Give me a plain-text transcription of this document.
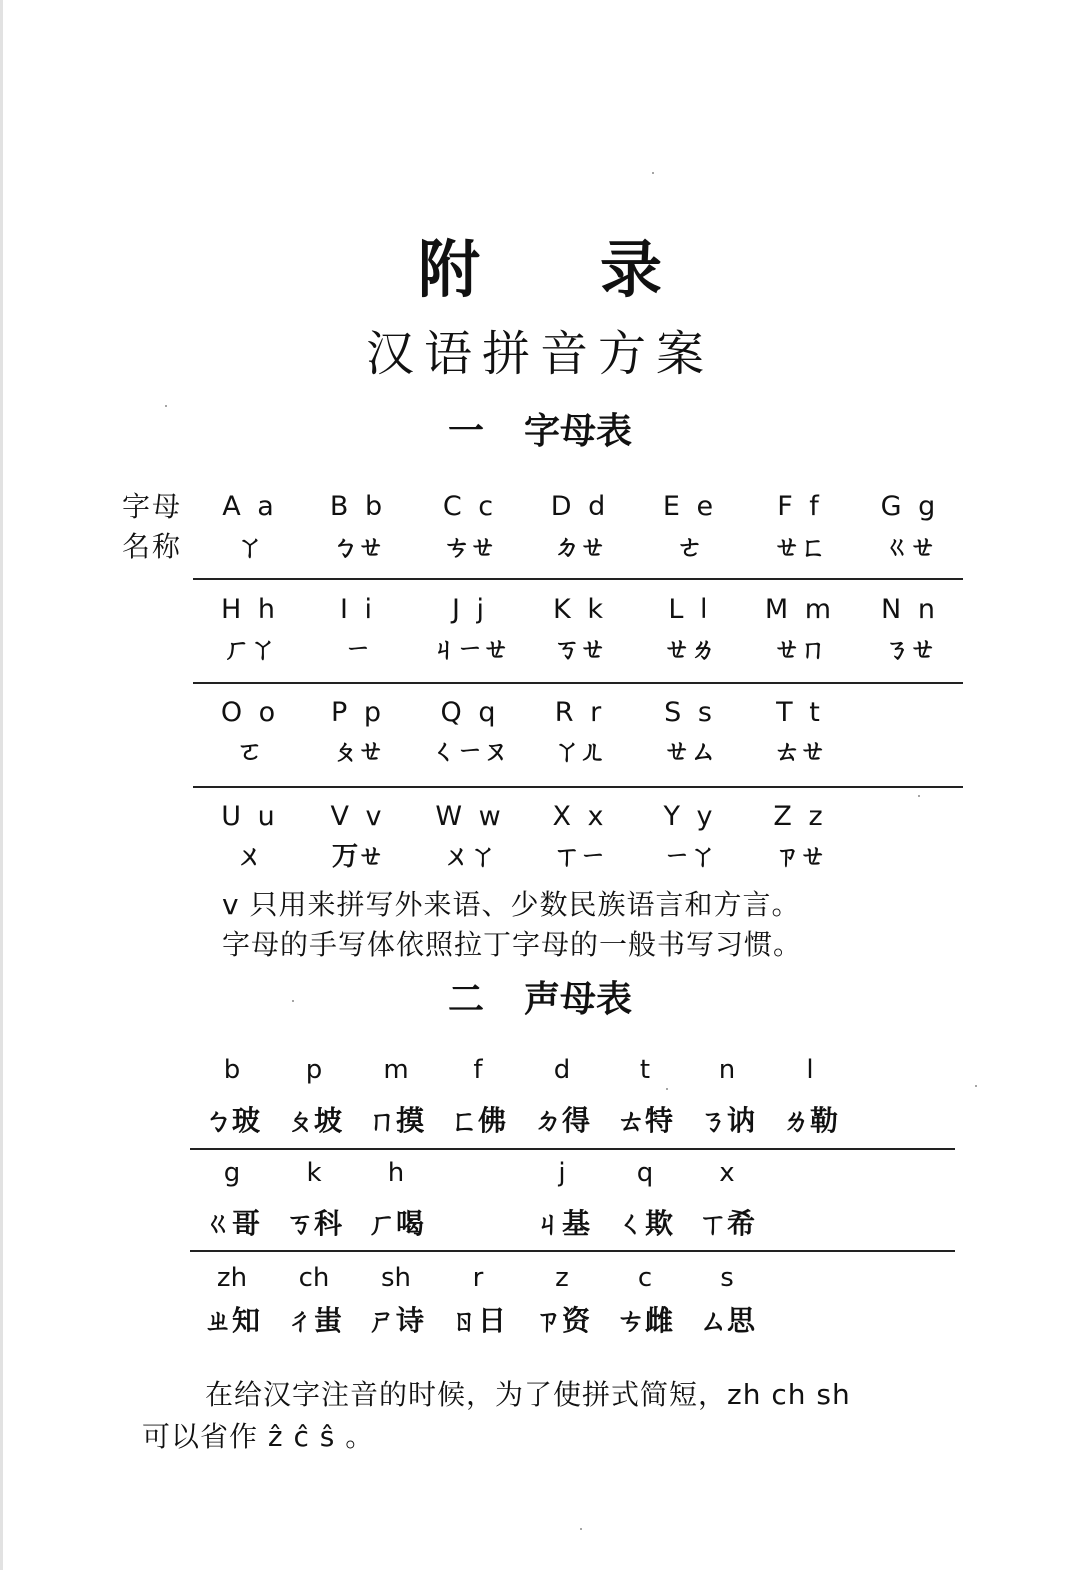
附 录
汉语拼音方案
一 字母表
字母
名称
A a
ㄚ
B b
ㄅㄝ
C c
ㄘㄝ
D d
ㄉㄝ
E e
ㄜ
F f
ㄝㄈ
G g
ㄍㄝ
H h
ㄏㄚ
I i
ㄧ
J j
ㄐㄧㄝ
K k
ㄎㄝ
L l
ㄝㄌ
M m
ㄝㄇ
N n
ㄋㄝ
O o
ㄛ
P p
ㄆㄝ
Q q
ㄑㄧㄡ
R r
ㄚㄦ
S s
ㄝㄙ
T t
ㄊㄝ
U u
ㄨ
V v
ㄪㄝ
W w
ㄨㄚ
X x
ㄒㄧ
Y y
ㄧㄚ
Z z
ㄗㄝ
v 只用来拼写外来语、少数民族语言和方言。
字母的手写体依照拉丁字母的一般书写习惯。
二 声母表
b
ㄅ玻
p
ㄆ坡
m
ㄇ摸
f
ㄈ佛
d
ㄉ得
t
ㄊ特
n
ㄋ讷
l
ㄌ勒
g
ㄍ哥
k
ㄎ科
h
ㄏ喝
j
ㄐ基
q
ㄑ欺
x
ㄒ希
zh
ㄓ知
ch
ㄔ蚩
sh
ㄕ诗
r
ㄖ日
z
ㄗ资
c
ㄘ雌
s
ㄙ思
在给汉字注音的时候，为了使拼式简短，zh ch sh
可以省作 ẑ ĉ ŝ 。
